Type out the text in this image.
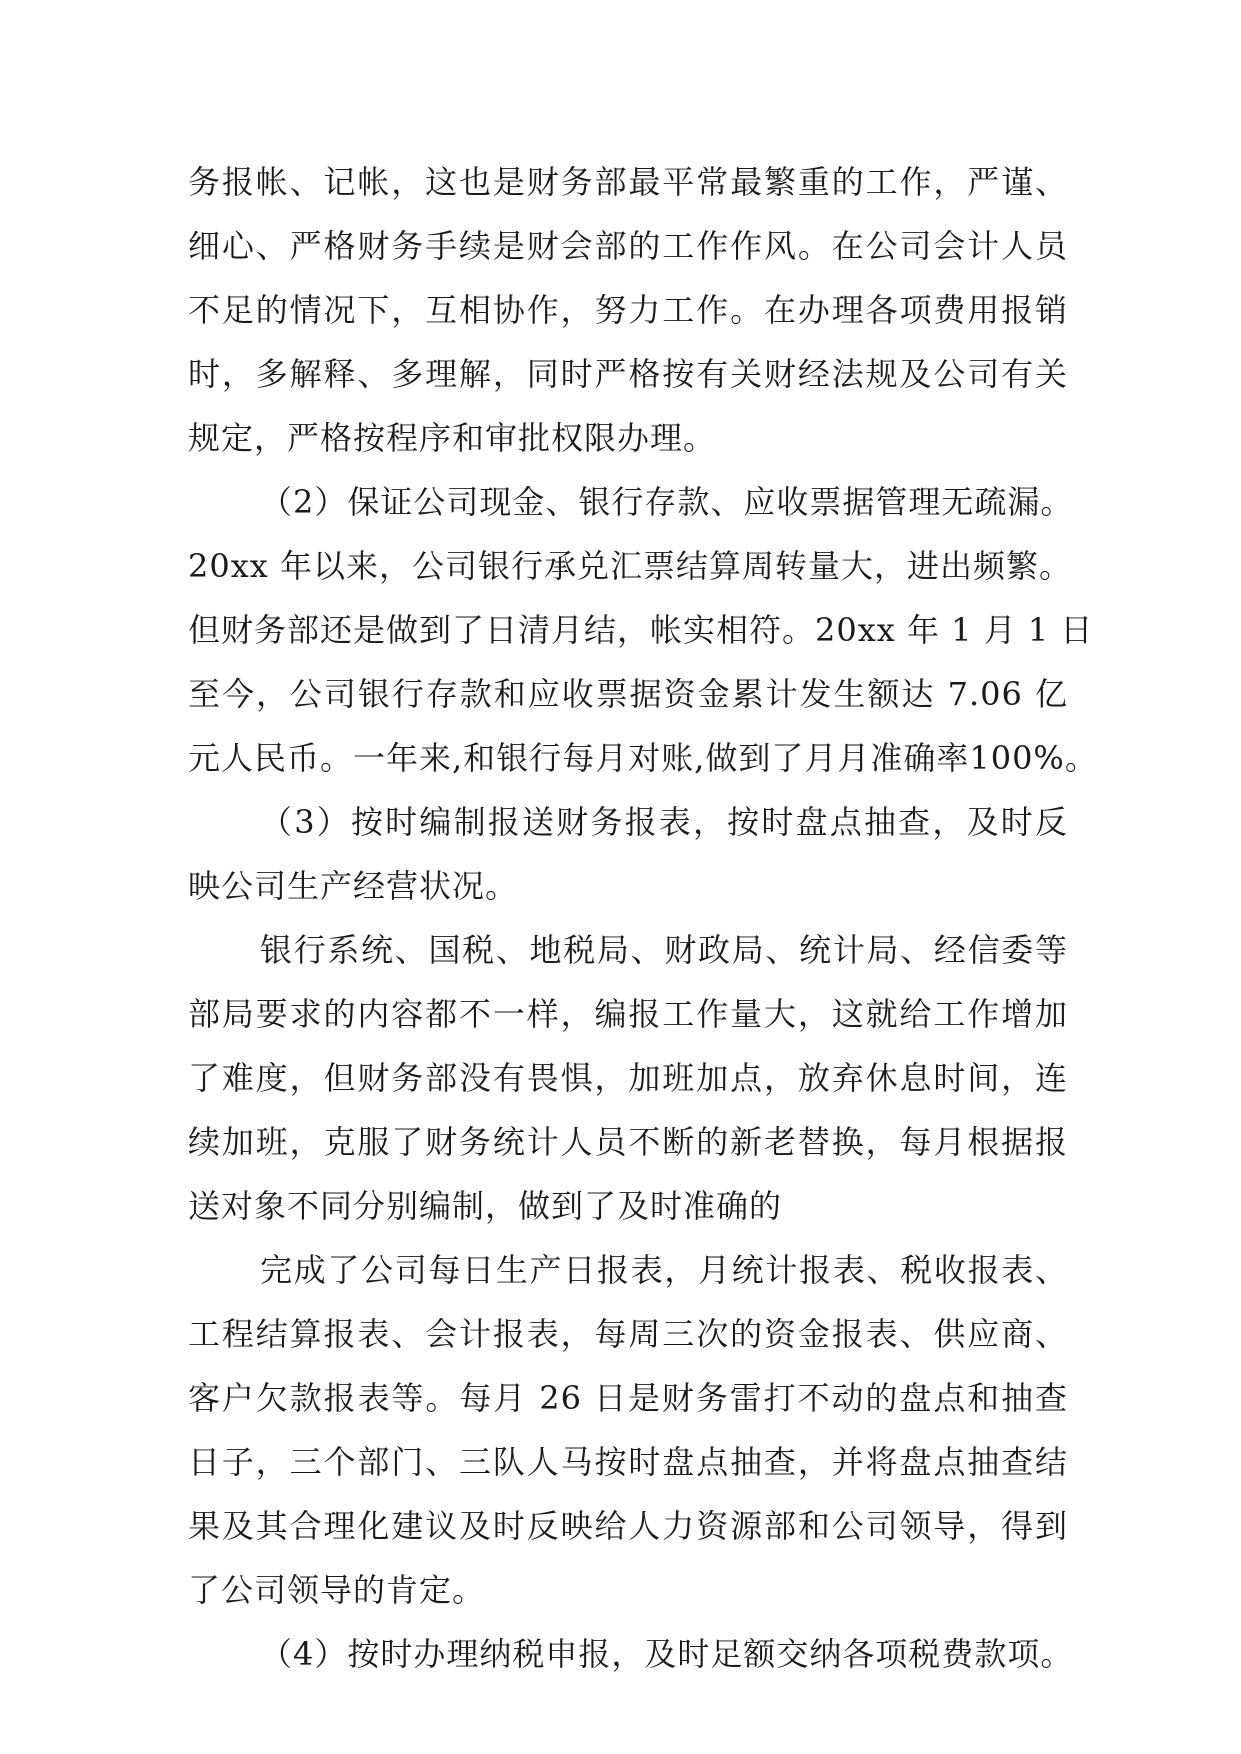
务报帐、记帐，这也是财务部最平常最繁重的工作，严谨、
细心、严格财务手续是财会部的工作作风。在公司会计人员
不足的情况下，互相协作，努力工作。在办理各项费用报销
时，多解释、多理解，同时严格按有关财经法规及公司有关
规定，严格按程序和审批权限办理。
（2）保证公司现金、银行存款、应收票据管理无疏漏。
20xx 年以来，公司银行承兑汇票结算周转量大，进出频繁。
但财务部还是做到了日清月结，帐实相符。20xx 年 1 月 1 日
至今，公司银行存款和应收票据资金累计发生额达 7.06 亿
元人民币。一年来,和银行每月对账,做到了月月准确率100%。
（3）按时编制报送财务报表，按时盘点抽查，及时反
映公司生产经营状况。
银行系统、国税、地税局、财政局、统计局、经信委等
部局要求的内容都不一样，编报工作量大，这就给工作增加
了难度，但财务部没有畏惧，加班加点，放弃休息时间，连
续加班，克服了财务统计人员不断的新老替换，每月根据报
送对象不同分别编制，做到了及时准确的
完成了公司每日生产日报表，月统计报表、税收报表、
工程结算报表、会计报表，每周三次的资金报表、供应商、
客户欠款报表等。每月 26 日是财务雷打不动的盘点和抽查
日子，三个部门、三队人马按时盘点抽查，并将盘点抽查结
果及其合理化建议及时反映给人力资源部和公司领导，得到
了公司领导的肯定。
（4）按时办理纳税申报，及时足额交纳各项税费款项。
